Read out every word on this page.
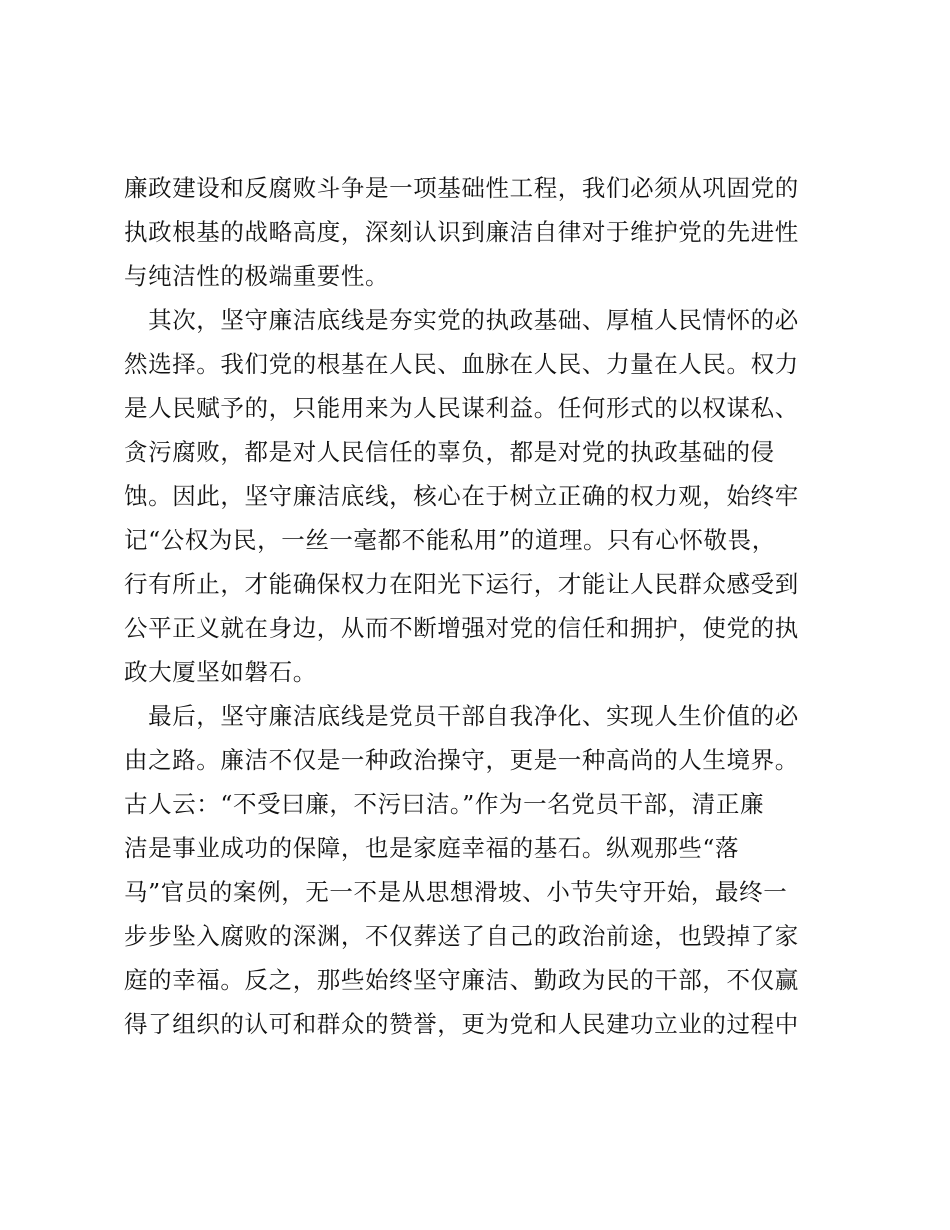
廉政建设和反腐败斗争是一项基础性工程，我们必须从巩固党的
执政根基的战略高度，深刻认识到廉洁自律对于维护党的先进性
与纯洁性的极端重要性。
　其次，坚守廉洁底线是夯实党的执政基础、厚植人民情怀的必
然选择。我们党的根基在人民、血脉在人民、力量在人民。权力
是人民赋予的，只能用来为人民谋利益。任何形式的以权谋私、
贪污腐败，都是对人民信任的辜负，都是对党的执政基础的侵
蚀。因此，坚守廉洁底线，核心在于树立正确的权力观，始终牢
记“公权为民，一丝一毫都不能私用”的道理。只有心怀敬畏，
行有所止，才能确保权力在阳光下运行，才能让人民群众感受到
公平正义就在身边，从而不断增强对党的信任和拥护，使党的执
政大厦坚如磐石。
　最后，坚守廉洁底线是党员干部自我净化、实现人生价值的必
由之路。廉洁不仅是一种政治操守，更是一种高尚的人生境界。
古人云：“不受曰廉，不污曰洁。”作为一名党员干部，清正廉
洁是事业成功的保障，也是家庭幸福的基石。纵观那些“落
马”官员的案例，无一不是从思想滑坡、小节失守开始，最终一
步步坠入腐败的深渊，不仅葬送了自己的政治前途，也毁掉了家
庭的幸福。反之，那些始终坚守廉洁、勤政为民的干部，不仅赢
得了组织的认可和群众的赞誉，更为党和人民建功立业的过程中
